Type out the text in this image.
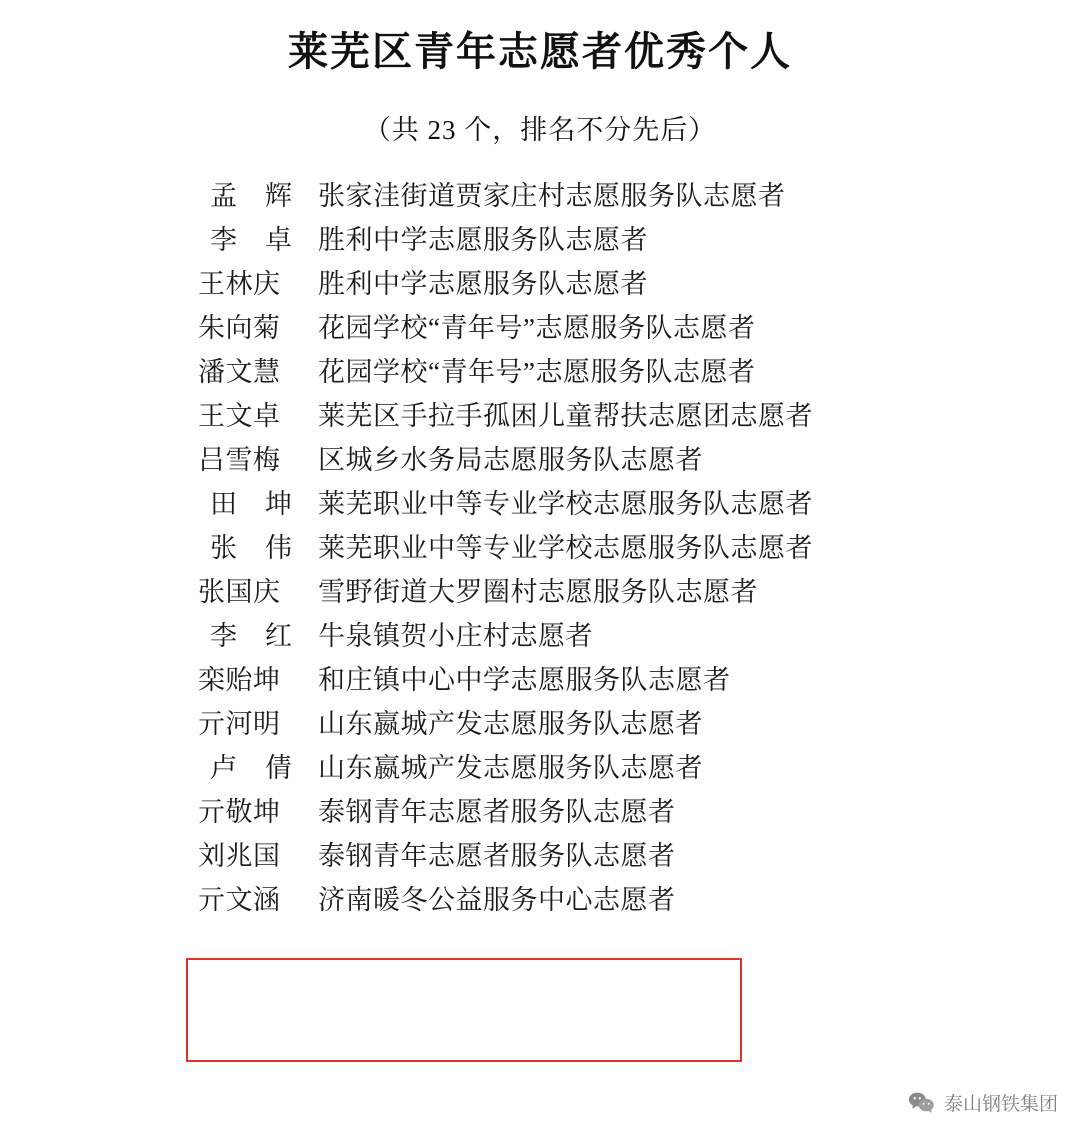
莱芜区青年志愿者优秀个人
（共 23 个，排名不分先后）
孟　辉 张家洼街道贾家庄村志愿服务队志愿者
李　卓 胜利中学志愿服务队志愿者
王林庆	胜利中学志愿服务队志愿者
朱向菊	花园学校“青年号”志愿服务队志愿者
潘文慧	花园学校“青年号”志愿服务队志愿者
王文卓	莱芜区手拉手孤困儿童帮扶志愿团志愿者
吕雪梅	区城乡水务局志愿服务队志愿者
田　坤 莱芜职业中等专业学校志愿服务队志愿者
张　伟 莱芜职业中等专业学校志愿服务队志愿者
张国庆	雪野街道大罗圈村志愿服务队志愿者
李　红 牛泉镇贺小庄村志愿者
栾贻坤	和庄镇中心中学志愿服务队志愿者
亓河明	山东嬴城产发志愿服务队志愿者
卢　倩 山东嬴城产发志愿服务队志愿者
亓敬坤	泰钢青年志愿者服务队志愿者
刘兆国	泰钢青年志愿者服务队志愿者
亓文涵	济南暖冬公益服务中心志愿者
泰山钢铁集团
